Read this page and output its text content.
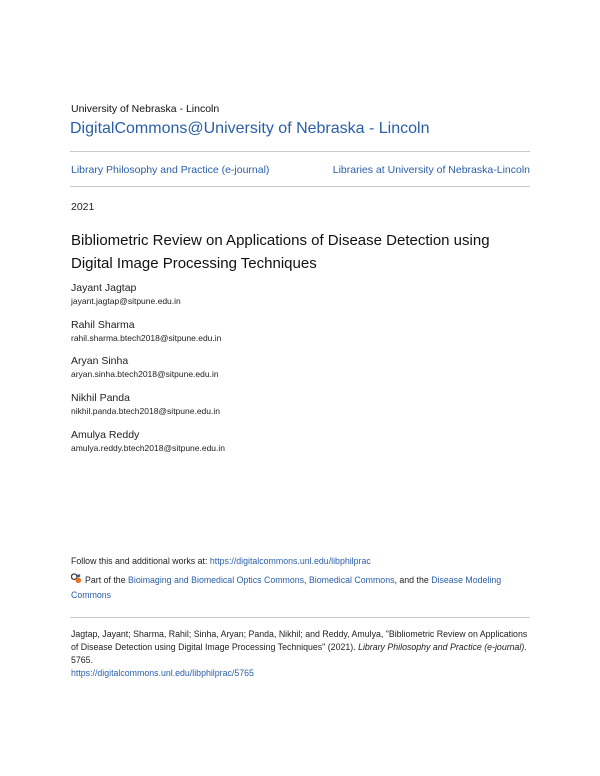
University of Nebraska - Lincoln
DigitalCommons@University of Nebraska - Lincoln
Library Philosophy and Practice (e-journal)	Libraries at University of Nebraska-Lincoln
2021
Bibliometric Review on Applications of Disease Detection using Digital Image Processing Techniques
Jayant Jagtap
jayant.jagtap@sitpune.edu.in
Rahil Sharma
rahil.sharma.btech2018@sitpune.edu.in
Aryan Sinha
aryan.sinha.btech2018@sitpune.edu.in
Nikhil Panda
nikhil.panda.btech2018@sitpune.edu.in
Amulya Reddy
amulya.reddy.btech2018@sitpune.edu.in
Follow this and additional works at: https://digitalcommons.unl.edu/libphilprac
Part of the Bioimaging and Biomedical Optics Commons, Biomedical Commons, and the Disease Modeling Commons
Jagtap, Jayant; Sharma, Rahil; Sinha, Aryan; Panda, Nikhil; and Reddy, Amulya, "Bibliometric Review on Applications of Disease Detection using Digital Image Processing Techniques" (2021). Library Philosophy and Practice (e-journal). 5765.
https://digitalcommons.unl.edu/libphilprac/5765
